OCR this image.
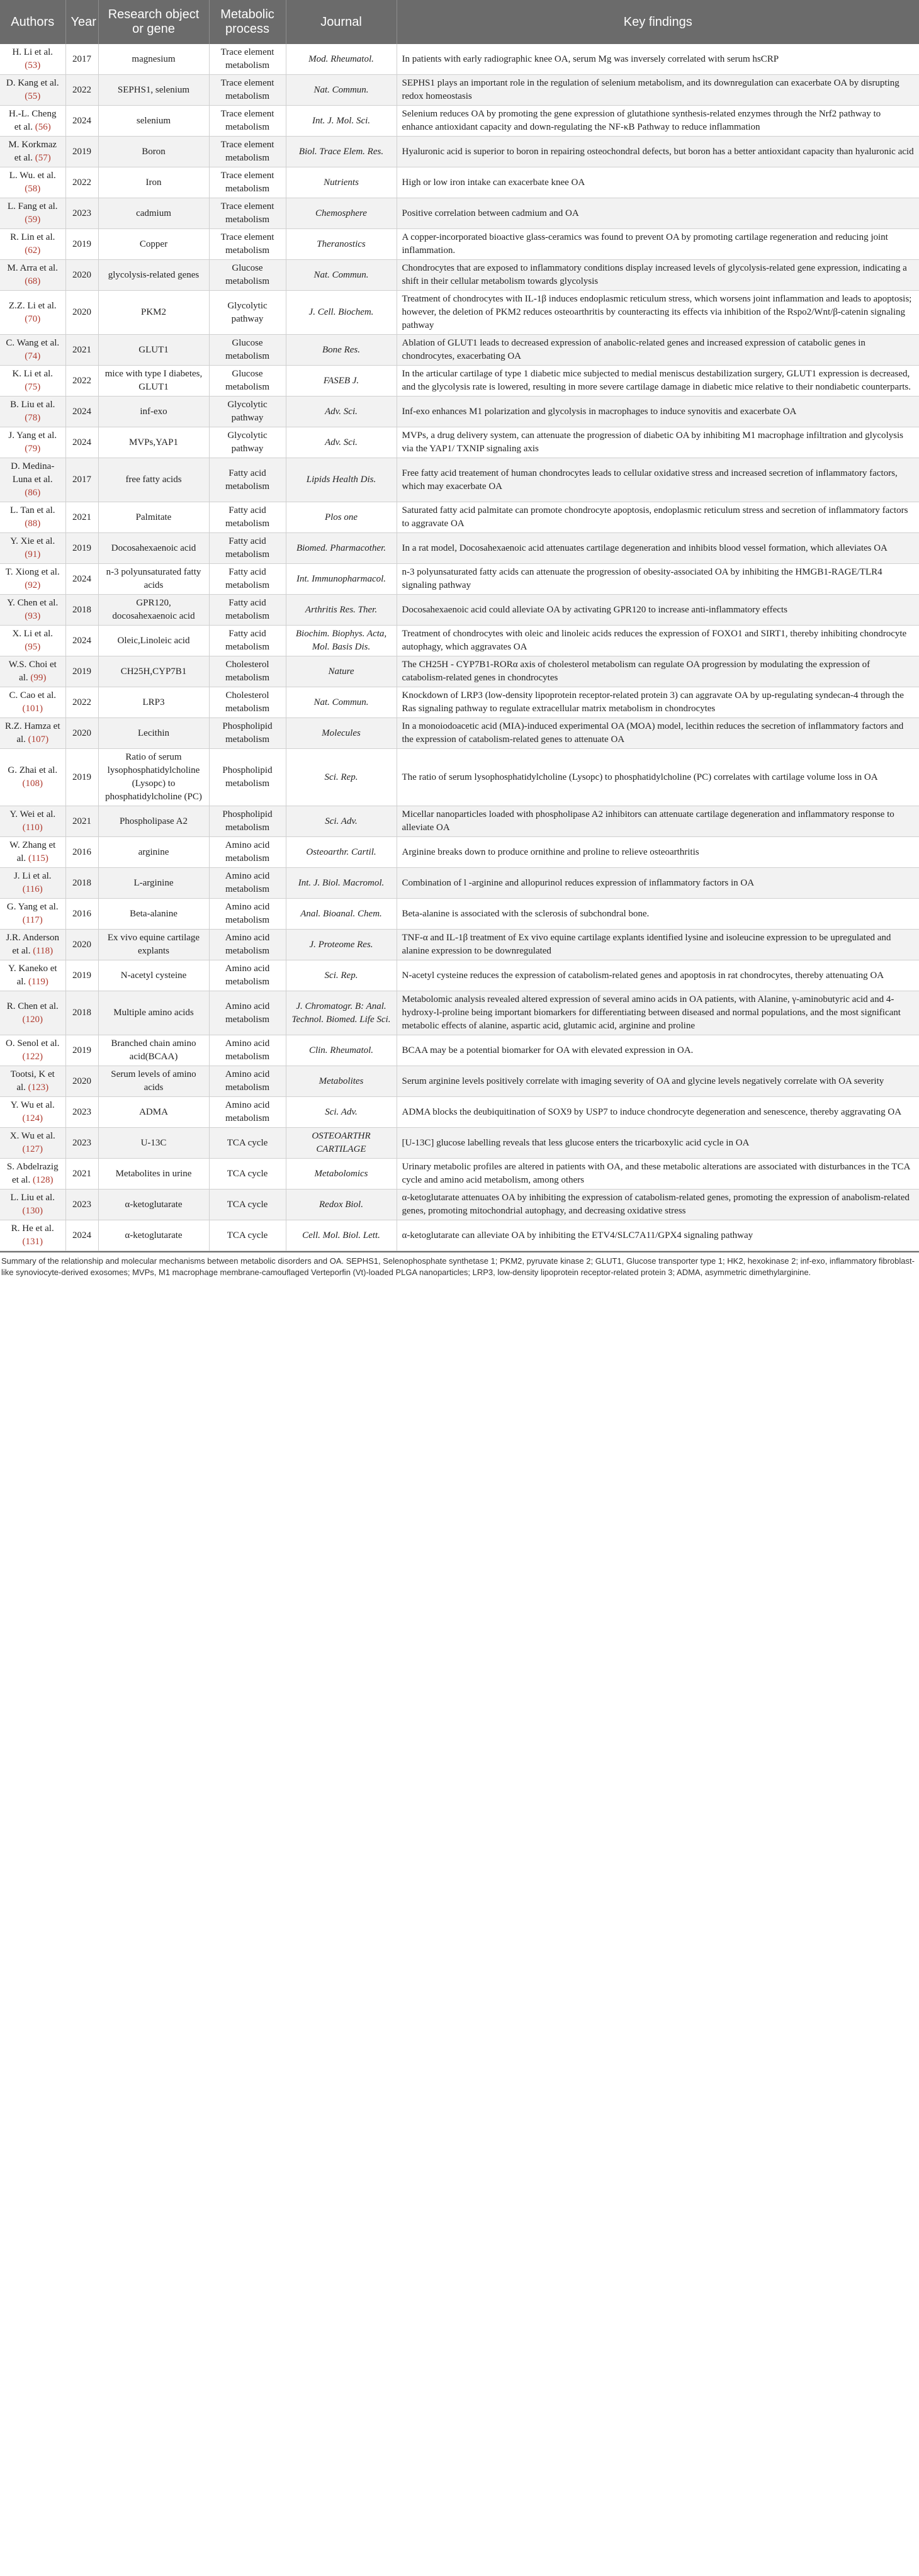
Authors	Year	Research object or gene	Metabolic process	Journal	Key findings
H. Li et al. (53)	2017	magnesium	Trace element metabolism	Mod. Rheumatol.	In patients with early radiographic knee OA, serum Mg was inversely correlated with serum hsCRP
D. Kang et al. (55)	2022	SEPHS1, selenium	Trace element metabolism	Nat. Commun.	SEPHS1 plays an important role in the regulation of selenium metabolism, and its downregulation can exacerbate OA by disrupting redox homeostasis
H.-L. Cheng et al. (56)	2024	selenium	Trace element metabolism	Int. J. Mol. Sci.	Selenium reduces OA by promoting the gene expression of glutathione synthesis-related enzymes through the Nrf2 pathway to enhance antioxidant capacity and down-regulating the NF-κB Pathway to reduce inflammation
M. Korkmaz et al. (57)	2019	Boron	Trace element metabolism	Biol. Trace Elem. Res.	Hyaluronic acid is superior to boron in repairing osteochondral defects, but boron has a better antioxidant capacity than hyaluronic acid
L. Wu. et al. (58)	2022	Iron	Trace element metabolism	Nutrients	High or low iron intake can exacerbate knee OA
L. Fang et al. (59)	2023	cadmium	Trace element metabolism	Chemosphere	Positive correlation between cadmium and OA
R. Lin et al. (62)	2019	Copper	Trace element metabolism	Theranostics	A copper-incorporated bioactive glass-ceramics was found to prevent OA by promoting cartilage regeneration and reducing joint inflammation.
M. Arra et al. (68)	2020	glycolysis-related genes	Glucose metabolism	Nat. Commun.	Chondrocytes that are exposed to inflammatory conditions display increased levels of glycolysis-related gene expression, indicating a shift in their cellular metabolism towards glycolysis
Z.Z. Li et al. (70)	2020	PKM2	Glycolytic pathway	J. Cell. Biochem.	Treatment of chondrocytes with IL-1β induces endoplasmic reticulum stress, which worsens joint inflammation and leads to apoptosis; however, the deletion of PKM2 reduces osteoarthritis by counteracting its effects via inhibition of the Rspo2/Wnt/β-catenin signaling pathway
C. Wang et al. (74)	2021	GLUT1	Glucose metabolism	Bone Res.	Ablation of GLUT1 leads to decreased expression of anabolic-related genes and increased expression of catabolic genes in chondrocytes, exacerbating OA
K. Li et al. (75)	2022	mice with type I diabetes, GLUT1	Glucose metabolism	FASEB J.	In the articular cartilage of type 1 diabetic mice subjected to medial meniscus destabilization surgery, GLUT1 expression is decreased, and the glycolysis rate is lowered, resulting in more severe cartilage damage in diabetic mice relative to their nondiabetic counterparts.
B. Liu et al. (78)	2024	inf-exo	Glycolytic pathway	Adv. Sci.	Inf-exo enhances M1 polarization and glycolysis in macrophages to induce synovitis and exacerbate OA
J. Yang et al. (79)	2024	MVPs,YAP1	Glycolytic pathway	Adv. Sci.	MVPs, a drug delivery system, can attenuate the progression of diabetic OA by inhibiting M1 macrophage infiltration and glycolysis via the YAP1/ TXNIP signaling axis
D. Medina-Luna et al. (86)	2017	free fatty acids	Fatty acid metabolism	Lipids Health Dis.	Free fatty acid treatement of human chondrocytes leads to cellular oxidative stress and increased secretion of inflammatory factors, which may exacerbate OA
L. Tan et al. (88)	2021	Palmitate	Fatty acid metabolism	Plos one	Saturated fatty acid palmitate can promote chondrocyte apoptosis, endoplasmic reticulum stress and secretion of inflammatory factors to aggravate OA
Y. Xie et al. (91)	2019	Docosahexaenoic acid	Fatty acid metabolism	Biomed. Pharmacother.	In a rat model, Docosahexaenoic acid attenuates cartilage degeneration and inhibits blood vessel formation, which alleviates OA
T. Xiong et al. (92)	2024	n-3 polyunsaturated fatty acids	Fatty acid metabolism	Int. Immunopharmacol.	n-3 polyunsaturated fatty acids can attenuate the progression of obesity-associated OA by inhibiting the HMGB1-RAGE/TLR4 signaling pathway
Y. Chen et al. (93)	2018	GPR120, docosahexaenoic acid	Fatty acid metabolism	Arthritis Res. Ther.	Docosahexaenoic acid could alleviate OA by activating GPR120 to increase anti-inflammatory effects
X. Li et al. (95)	2024	Oleic,Linoleic acid	Fatty acid metabolism	Biochim. Biophys. Acta, Mol. Basis Dis.	Treatment of chondrocytes with oleic and linoleic acids reduces the expression of FOXO1 and SIRT1, thereby inhibiting chondrocyte autophagy, which aggravates OA
W.S. Choi et al. (99)	2019	CH25H,CYP7B1	Cholesterol metabolism	Nature	The CH25H - CYP7B1-RORα axis of cholesterol metabolism can regulate OA progression by modulating the expression of catabolism-related genes in chondrocytes
C. Cao et al. (101)	2022	LRP3	Cholesterol metabolism	Nat. Commun.	Knockdown of LRP3 (low-density lipoprotein receptor-related protein 3) can aggravate OA by up-regulating syndecan-4 through the Ras signaling pathway to regulate extracellular matrix metabolism in chondrocytes
R.Z. Hamza et al. (107)	2020	Lecithin	Phospholipid metabolism	Molecules	In a monoiodoacetic acid (MIA)-induced experimental OA (MOA) model, lecithin reduces the secretion of inflammatory factors and the expression of catabolism-related genes to attenuate OA
G. Zhai et al. (108)	2019	Ratio of serum lysophosphatidylcholine (Lysopc) to phosphatidylcholine (PC)	Phospholipid metabolism	Sci. Rep.	The ratio of serum lysophosphatidylcholine (Lysopc) to phosphatidylcholine (PC) correlates with cartilage volume loss in OA
Y. Wei et al. (110)	2021	Phospholipase A2	Phospholipid metabolism	Sci. Adv.	Micellar nanoparticles loaded with phospholipase A2 inhibitors can attenuate cartilage degeneration and inflammatory response to alleviate OA
W. Zhang et al. (115)	2016	arginine	Amino acid metabolism	Osteoarthr. Cartil.	Arginine breaks down to produce ornithine and proline to relieve osteoarthritis
J. Li et al. (116)	2018	L-arginine	Amino acid metabolism	Int. J. Biol. Macromol.	Combination of l -arginine and allopurinol reduces expression of inflammatory factors in OA
G. Yang et al. (117)	2016	Beta-alanine	Amino acid metabolism	Anal. Bioanal. Chem.	Beta-alanine is associated with the sclerosis of subchondral bone.
J.R. Anderson et al. (118)	2020	Ex vivo equine cartilage explants	Amino acid metabolism	J. Proteome Res.	TNF-α and IL-1β treatment of Ex vivo equine cartilage explants identified lysine and isoleucine expression to be upregulated and alanine expression to be downregulated
Y. Kaneko et al. (119)	2019	N-acetyl cysteine	Amino acid metabolism	Sci. Rep.	N-acetyl cysteine reduces the expression of catabolism-related genes and apoptosis in rat chondrocytes, thereby attenuating OA
R. Chen et al. (120)	2018	Multiple amino acids	Amino acid metabolism	J. Chromatogr. B: Anal. Technol. Biomed. Life Sci.	Metabolomic analysis revealed altered expression of several amino acids in OA patients, with Alanine, γ-aminobutyric acid and 4-hydroxy-l-proline being important biomarkers for differentiating between diseased and normal populations, and the most significant metabolic effects of alanine, aspartic acid, glutamic acid, arginine and proline
O. Senol et al. (122)	2019	Branched chain amino acid(BCAA)	Amino acid metabolism	Clin. Rheumatol.	BCAA may be a potential biomarker for OA with elevated expression in OA.
Tootsi, K et al. (123)	2020	Serum levels of amino acids	Amino acid metabolism	Metabolites	Serum arginine levels positively correlate with imaging severity of OA and glycine levels negatively correlate with OA severity
Y. Wu et al. (124)	2023	ADMA	Amino acid metabolism	Sci. Adv.	ADMA blocks the deubiquitination of SOX9 by USP7 to induce chondrocyte degeneration and senescence, thereby aggravating OA
X. Wu et al. (127)	2023	U-13C	TCA cycle	OSTEOARTHR CARTILAGE	[U-13C] glucose labelling reveals that less glucose enters the tricarboxylic acid cycle in OA
S. Abdelrazig et al. (128)	2021	Metabolites in urine	TCA cycle	Metabolomics	Urinary metabolic profiles are altered in patients with OA, and these metabolic alterations are associated with disturbances in the TCA cycle and amino acid metabolism, among others
L. Liu et al. (130)	2023	α-ketoglutarate	TCA cycle	Redox Biol.	α-ketoglutarate attenuates OA by inhibiting the expression of catabolism-related genes, promoting the expression of anabolism-related genes, promoting mitochondrial autophagy, and decreasing oxidative stress
R. He et al. (131)	2024	α-ketoglutarate	TCA cycle	Cell. Mol. Biol. Lett.	α-ketoglutarate can alleviate OA by inhibiting the ETV4/SLC7A11/GPX4 signaling pathway
Summary of the relationship and molecular mechanisms between metabolic disorders and OA. SEPHS1, Selenophosphate synthetase 1; PKM2, pyruvate kinase 2; GLUT1, Glucose transporter type 1; HK2, hexokinase 2; inf-exo, inflammatory fibroblast-like synoviocyte-derived exosomes; MVPs, M1 macrophage membrane-camouflaged Verteporfin (Vt)-loaded PLGA nanoparticles; LRP3, low-density lipoprotein receptor-related protein 3; ADMA, asymmetric dimethylarginine.
